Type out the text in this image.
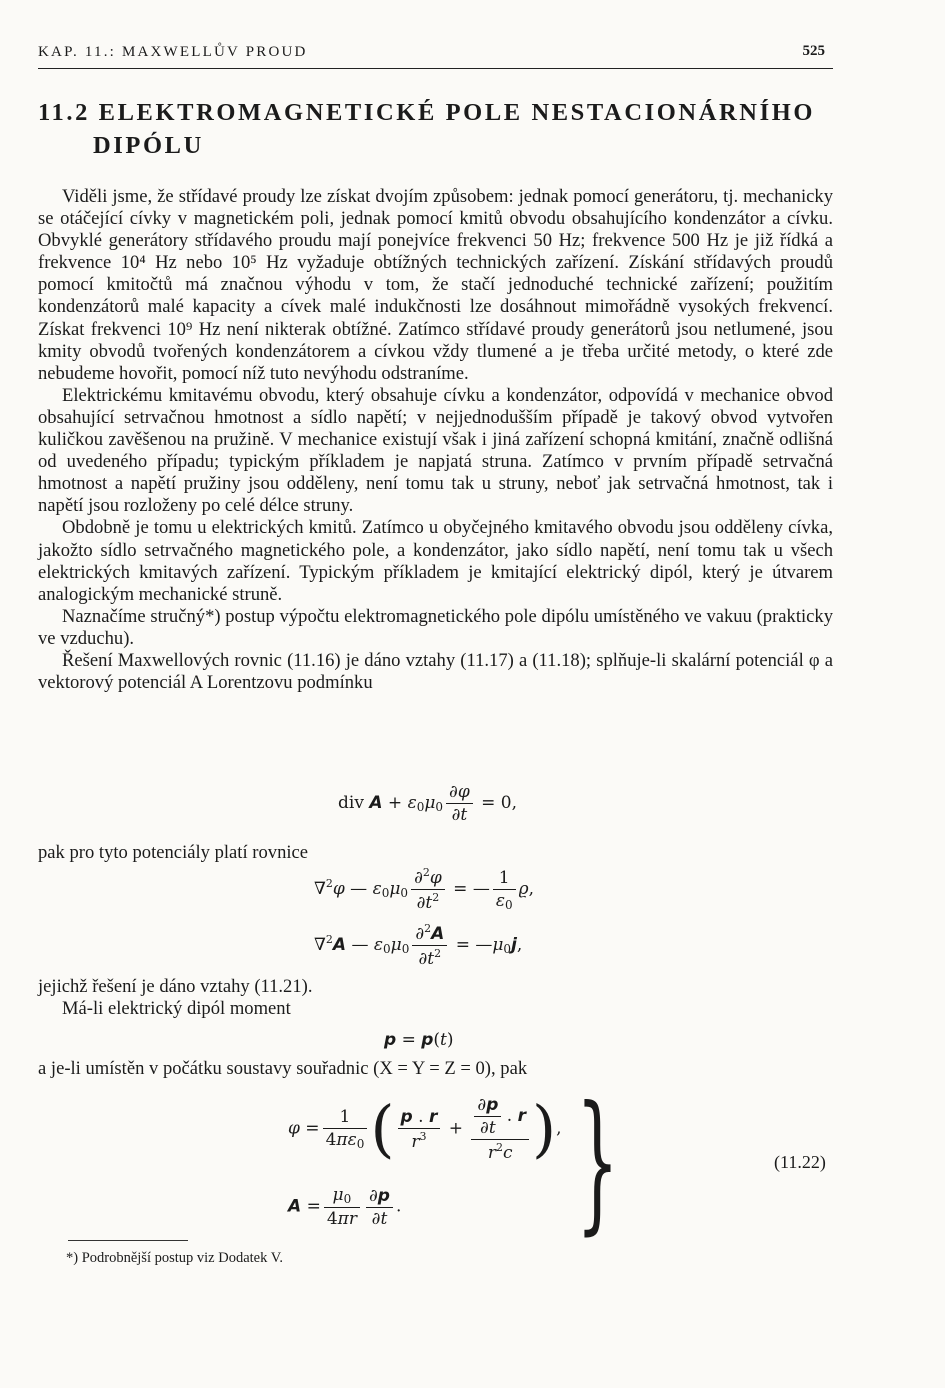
KAP. 11.: MAXWELLŮV PROUD	525
11.2 ELEKTROMAGNETICKÉ POLE NESTACIONÁRNÍHO
DIPÓLU

Viděli jsme, že střídavé proudy lze získat dvojím způsobem: jednak pomocí generátoru, tj. mechanicky se otáčející cívky v magnetickém poli, jednak pomocí kmitů obvodu obsahujícího kondenzátor a cívku. Obvyklé generátory střídavého proudu mají ponejvíce frekvenci 50 Hz; frekvence 500 Hz je již řídká a frekvence 10⁴ Hz nebo 10⁵ Hz vyžaduje obtížných technických zařízení. Získání střídavých proudů pomocí kmitočtů má značnou výhodu v tom, že stačí jednoduché technické zařízení; použitím kondenzátorů malé kapacity a cívek malé indukčnosti lze dosáhnout mimořádně vysokých frekvencí. Získat frekvenci 10⁹ Hz není nikterak obtížné. Zatímco střídavé proudy generátorů jsou netlumené, jsou kmity obvodů tvořených kondenzátorem a cívkou vždy tlumené a je třeba určité metody, o které zde nebudeme hovořit, pomocí níž tuto nevýhodu odstraníme.

Elektrickému kmitavému obvodu, který obsahuje cívku a kondenzátor, odpovídá v mechanice obvod obsahující setrvačnou hmotnost a sídlo napětí; v nejjednodušším případě je takový obvod vytvořen kuličkou zavěšenou na pružině. V mechanice existují však i jiná zařízení schopná kmitání, značně odlišná od uvedeného případu; typickým příkladem je napjatá struna. Zatímco v prvním případě setrvačná hmotnost a napětí pružiny jsou odděleny, není tomu tak u struny, neboť jak setrvačná hmotnost, tak i napětí jsou rozloženy po celé délce struny.

Obdobně je tomu u elektrických kmitů. Zatímco u obyčejného kmitavého obvodu jsou odděleny cívka, jakožto sídlo setrvačného magnetického pole, a kondenzátor, jako sídlo napětí, není tomu tak u všech elektrických kmitavých zařízení. Typickým příkladem je kmitající elektrický dipól, který je útvarem analogickým mechanické struně.

Naznačíme stručný*) postup výpočtu elektromagnetického pole dipólu umístěného ve vakuu (prakticky ve vzduchu).

Řešení Maxwellových rovnic (11.16) je dáno vztahy (11.17) a (11.18); splňuje-li skalární potenciál φ a vektorový potenciál A Lorentzovu podmínku

div $A + \varepsilon_0\mu_0 \frac{\partial\varphi}{\partial t} = 0$,

pak pro tyto potenciály platí rovnice

∇$^2$φ — $\varepsilon_0\mu_0 \frac{\partial^2\varphi}{\partial t^2}$ = — $\frac{1}{\varepsilon_0} ϱ$,
∇$^2$A — $\varepsilon_0\mu_0 \frac{\partial^2A}{\partial t^2}$ = $—\mu_0j$,

jejichž řešení je dáno vztahy (11.21).

Má-li elektrický dipól moment

p = p(t)

a je-li umístěn v počátku soustavy souřadnic (X = Y = Z = 0), pak

$\varphi = \frac{1}{4\pi\varepsilon_0}$ ( $\frac{p . r}{r^3} + \frac{\frac{\partial p}{\partial t} . r}{r^2c}$ ),
$A = \frac{\mu_0}{4\pi r} \frac{\partial p}{\partial t}$ . }	(11.22)
*) Podrobnější postup viz Dodatek V.
